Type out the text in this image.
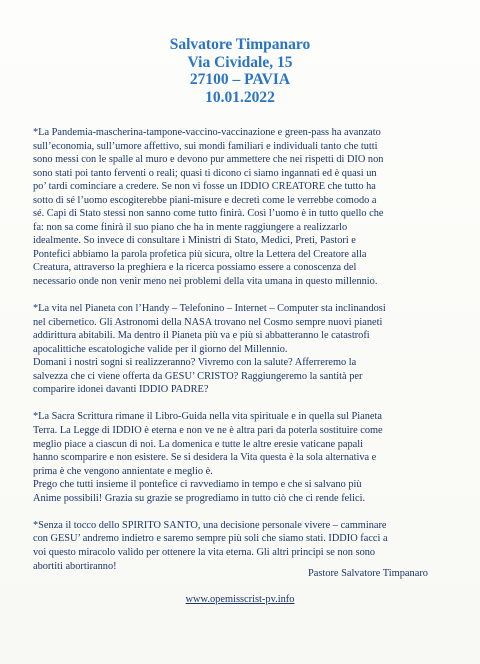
Salvatore Timpanaro
Via Cividale, 15
27100 – PAVIA
10.01.2022
*La Pandemia-mascherina-tampone-vaccino-vaccinazione e green-pass ha avanzato
sull’economia, sull’umore affettivo, sui mondi familiari e individuali tanto che tutti
sono messi con le spalle al muro e devono pur ammettere che nei rispetti di DIO non
sono stati poi tanto ferventi o reali; quasi ti dicono ci siamo ingannati ed è quasi un
po’ tardi cominciare a credere. Se non vi fosse un IDDIO CREATORE che tutto ha
sotto di sé l’uomo escogiterebbe piani-misure e decreti come le verrebbe comodo a
sé. Capi di Stato stessi non sanno come tutto finirà. Così l’uomo è in tutto quello che
fa: non sa come finirà il suo piano che ha in mente raggiungere a realizzarlo
idealmente. So invece di consultare i Ministri di Stato, Medici, Preti, Pastori e
Pontefici abbiamo la parola profetica più sicura, oltre la Lettera del Creatore alla
Creatura, attraverso la preghiera e la ricerca possiamo essere a conoscenza del
necessario onde non venir meno nei problemi della vita umana in questo millennio.
*La vita nel Pianeta con l’Handy – Telefonino – Internet – Computer sta inclinandosi
nel cibernetico. Gli Astronomi della NASA trovano nel Cosmo sempre nuovi pianeti
addirittura abitabili. Ma dentro il Pianeta più va e più si abbatteranno le catastrofi
apocalittiche escatologiche valide per il giorno del Millennio.
Domani i nostri sogni si realizzeranno? Vivremo con la salute? Afferreremo la
salvezza che ci viene offerta da GESU’ CRISTO? Raggiungeremo la santità per
comparire idonei davanti IDDIO PADRE?
*La Sacra Scrittura rimane il Libro-Guida nella vita spirituale e in quella sul Pianeta
Terra. La Legge di IDDIO è eterna e non ve ne è altra pari da poterla sostituire come
meglio piace a ciascun di noi. La domenica e tutte le altre eresie vaticane papali
hanno scomparire e non esistere. Se si desidera la Vita questa è la sola alternativa e
prima è che vengono annientate e meglio è.
Prego che tutti insieme il pontefice ci ravvediamo in tempo e che si salvano più
Anime possibili! Grazia su grazie se progrediamo in tutto ciò che ci rende felici.
*Senza il tocco dello SPIRITO SANTO, una decisione personale vivere – camminare
con GESU’ andremo indietro e saremo sempre più soli che siamo stati. IDDIO facci a
voi questo miracolo valido per ottenere la vita eterna. Gli altri principi se non sono
abortiti abortiranno!
Pastore Salvatore Timpanaro
www.opemisscrist-pv.info
